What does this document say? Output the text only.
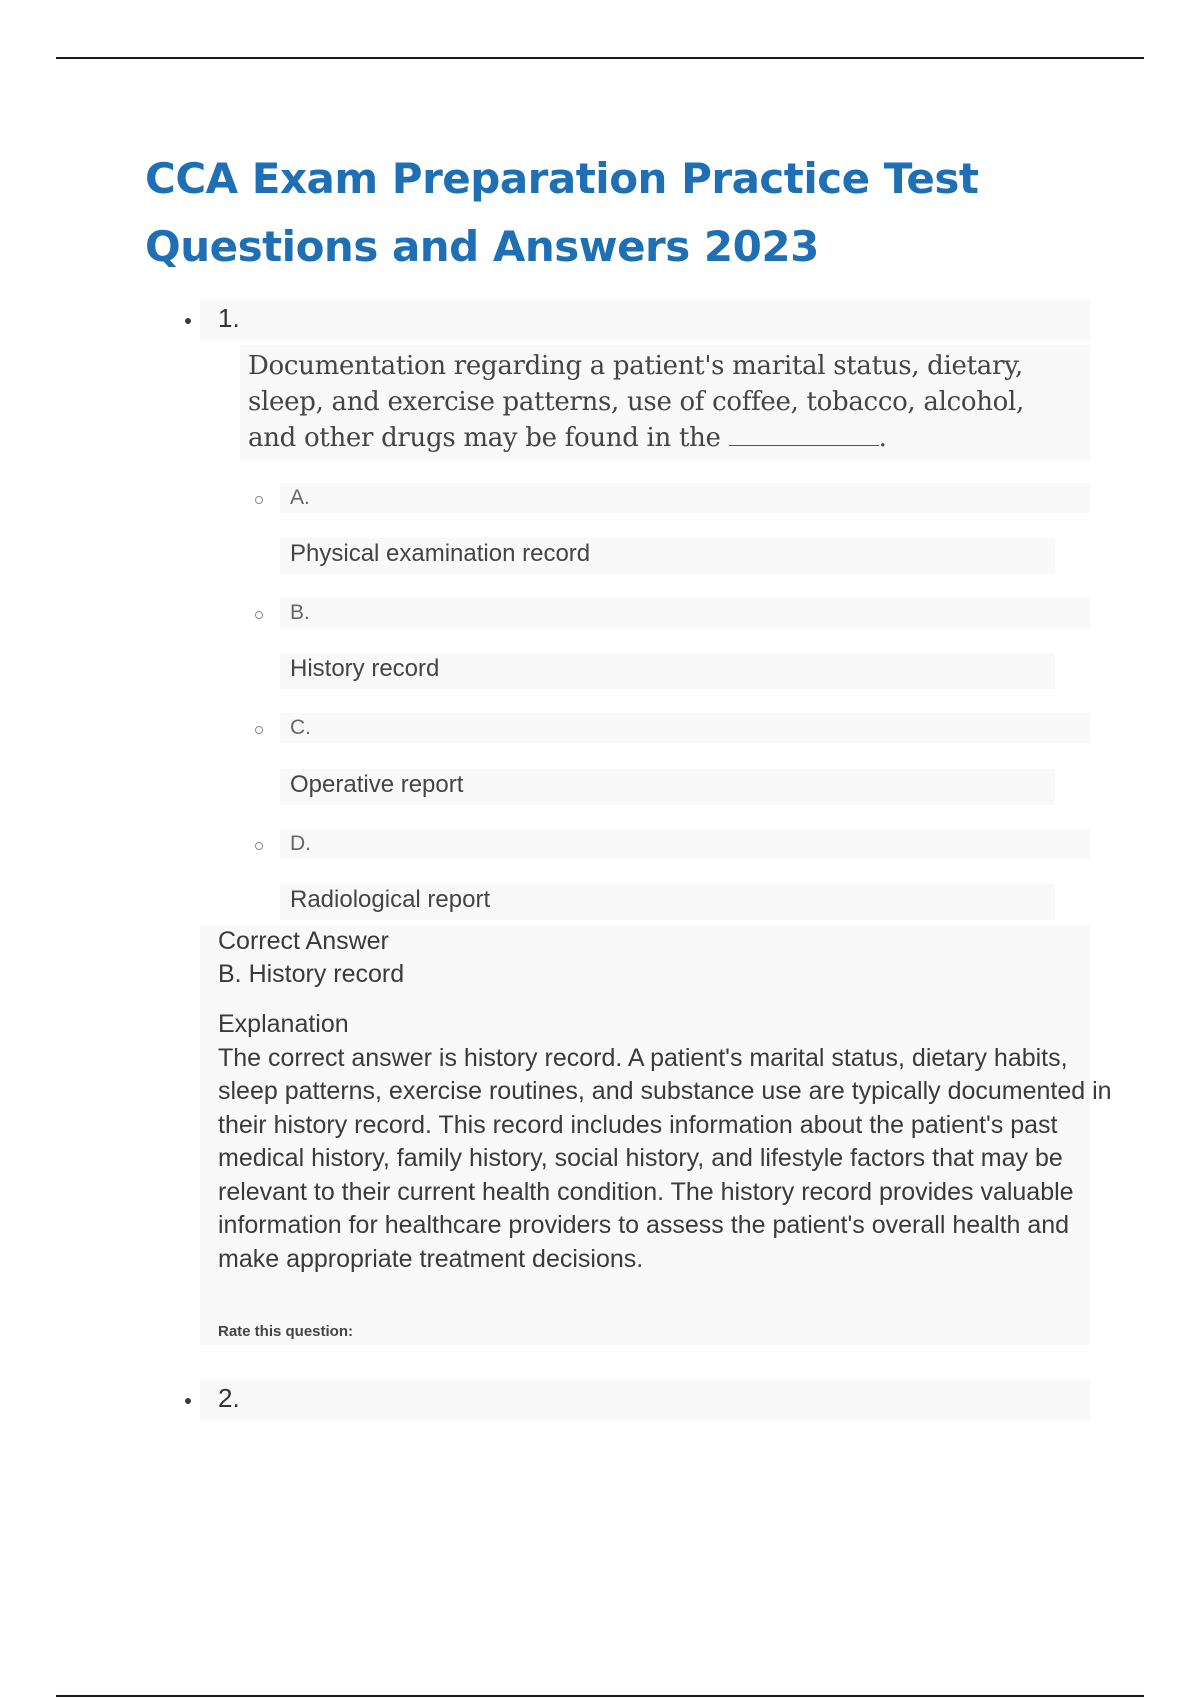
CCA Exam Preparation Practice Test
Questions and Answers 2023
1.
Documentation regarding a patient's marital status, dietary, sleep, and exercise patterns, use of coffee, tobacco, alcohol, and other drugs may be found in the	.
A.
Physical examination record
B.
History record
C.
Operative report
D.
Radiological report
Correct Answer
B. History record
Explanation
The correct answer is history record. A patient's marital status, dietary habits, sleep patterns, exercise routines, and substance use are typically documented in their history record. This record includes information about the patient's past medical history, family history, social history, and lifestyle factors that may be relevant to their current health condition. The history record provides valuable information for healthcare providers to assess the patient's overall health and make appropriate treatment decisions.
Rate this question:
2.
